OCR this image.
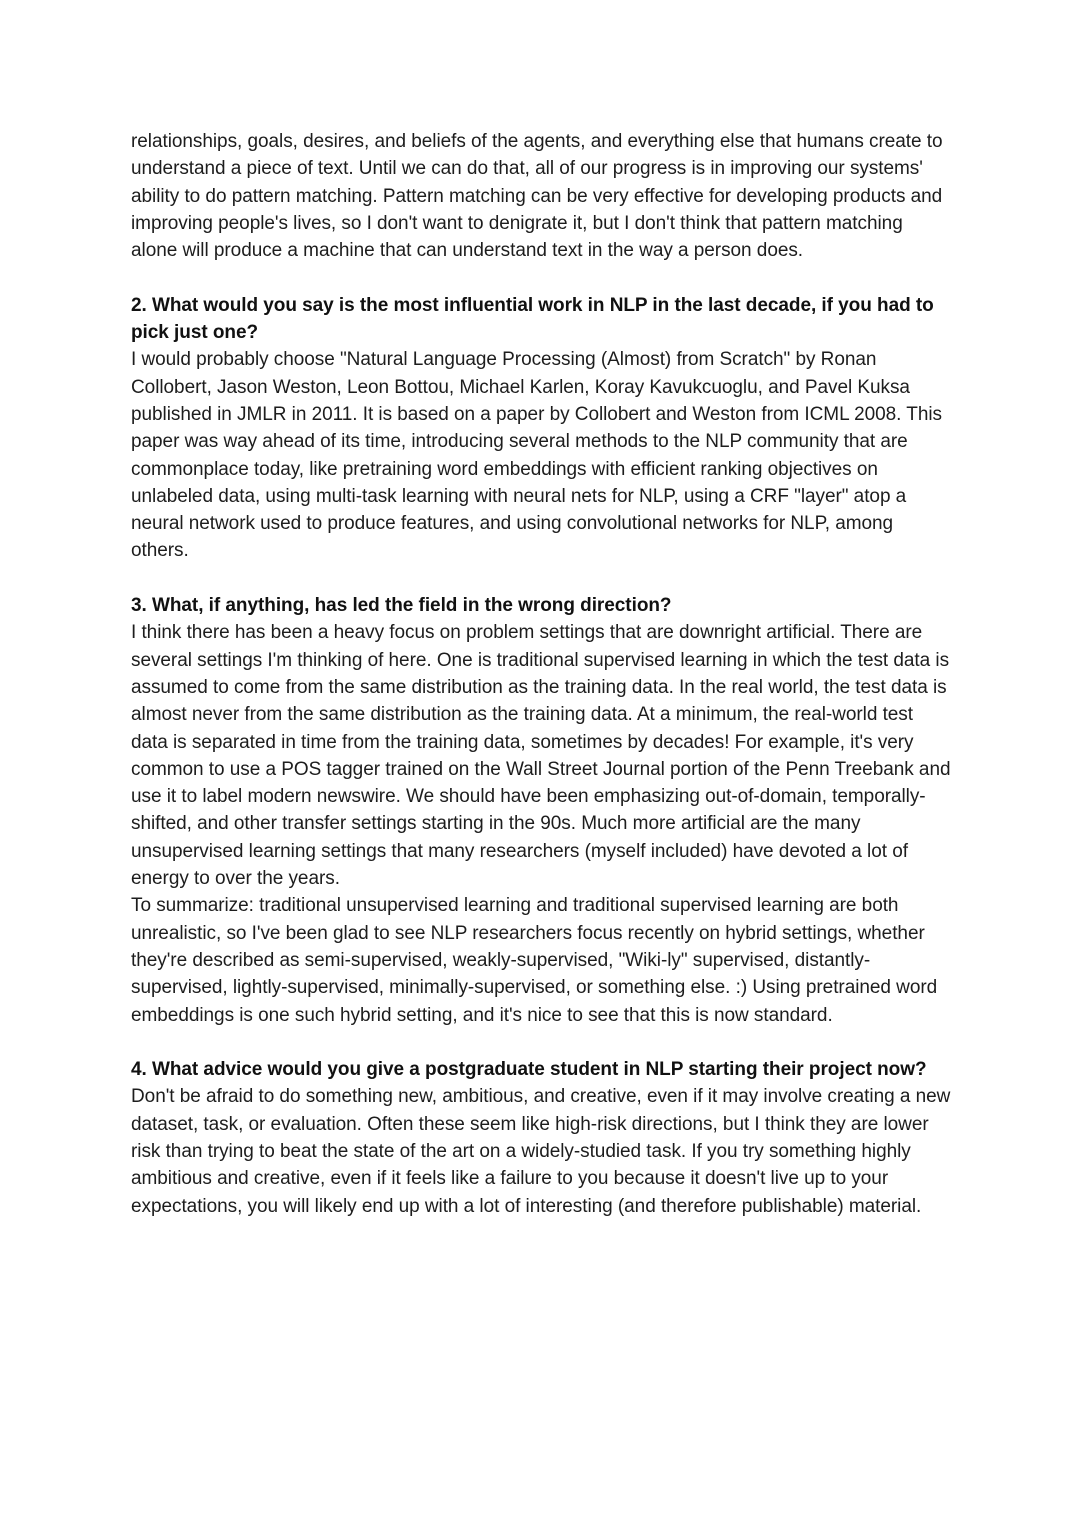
relationships, goals, desires, and beliefs of the agents, and everything else that humans create to understand a piece of text. Until we can do that, all of our progress is in improving our systems' ability to do pattern matching. Pattern matching can be very effective for developing products and improving people's lives, so I don't want to denigrate it, but I don't think that pattern matching alone will produce a machine that can understand text in the way a person does.

2. What would you say is the most influential work in NLP in the last decade, if you had to pick just one?

I would probably choose "Natural Language Processing (Almost) from Scratch" by Ronan Collobert, Jason Weston, Leon Bottou, Michael Karlen, Koray Kavukcuoglu, and Pavel Kuksa published in JMLR in 2011. It is based on a paper by Collobert and Weston from ICML 2008. This paper was way ahead of its time, introducing several methods to the NLP community that are commonplace today, like pretraining word embeddings with efficient ranking objectives on unlabeled data, using multi-task learning with neural nets for NLP, using a CRF "layer" atop a neural network used to produce features, and using convolutional networks for NLP, among others.

3. What, if anything, has led the field in the wrong direction?

I think there has been a heavy focus on problem settings that are downright artificial. There are several settings I'm thinking of here. One is traditional supervised learning in which the test data is assumed to come from the same distribution as the training data. In the real world, the test data is almost never from the same distribution as the training data. At a minimum, the real-world test data is separated in time from the training data, sometimes by decades! For example, it's very common to use a POS tagger trained on the Wall Street Journal portion of the Penn Treebank and use it to label modern newswire. We should have been emphasizing out-of-domain, temporally-shifted, and other transfer settings starting in the 90s. Much more artificial are the many unsupervised learning settings that many researchers (myself included) have devoted a lot of energy to over the years.

To summarize: traditional unsupervised learning and traditional supervised learning are both unrealistic, so I've been glad to see NLP researchers focus recently on hybrid settings, whether they're described as semi-supervised, weakly-supervised, "Wiki-ly" supervised, distantly-supervised, lightly-supervised, minimally-supervised, or something else. :) Using pretrained word embeddings is one such hybrid setting, and it's nice to see that this is now standard.

4. What advice would you give a postgraduate student in NLP starting their project now?

Don't be afraid to do something new, ambitious, and creative, even if it may involve creating a new dataset, task, or evaluation. Often these seem like high-risk directions, but I think they are lower risk than trying to beat the state of the art on a widely-studied task. If you try something highly ambitious and creative, even if it feels like a failure to you because it doesn't live up to your expectations, you will likely end up with a lot of interesting (and therefore publishable) material.
